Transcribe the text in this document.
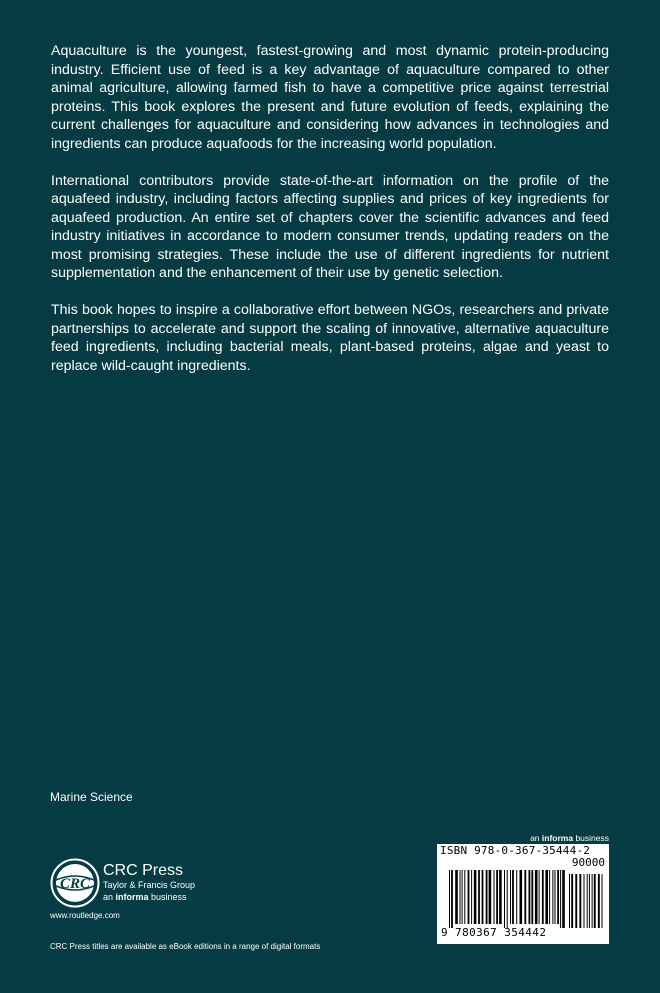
Aquaculture is the youngest, fastest-growing and most dynamic protein-producing industry. Efficient use of feed is a key advantage of aquaculture compared to other animal agriculture, allowing farmed fish to have a competitive price against terrestrial proteins. This book explores the present and future evolution of feeds, explaining the current challenges for aquaculture and considering how advances in technologies and ingredients can produce aquafoods for the increasing world population.

International contributors provide state-of-the-art information on the profile of the aquafeed industry, including factors affecting supplies and prices of key ingredients for aquafeed production. An entire set of chapters cover the scientific advances and feed industry initiatives in accordance to modern consumer trends, updating readers on the most promising strategies. These include the use of different ingredients for nutrient supplementation and the enhancement of their use by genetic selection.

This book hopes to inspire a collaborative effort between NGOs, researchers and private partnerships to accelerate and support the scaling of innovative, alternative aquaculture feed ingredients, including bacterial meals, plant-based proteins, algae and yeast to replace wild-caught ingredients.

Marine Science
CRC
CRC Press
Taylor & Francis Group
an informa business
www.routledge.com
CRC Press titles are available as eBook editions in a range of digital formats
an informa business
ISBN 978-0-367-35444-2
90000
9 780367 354442
